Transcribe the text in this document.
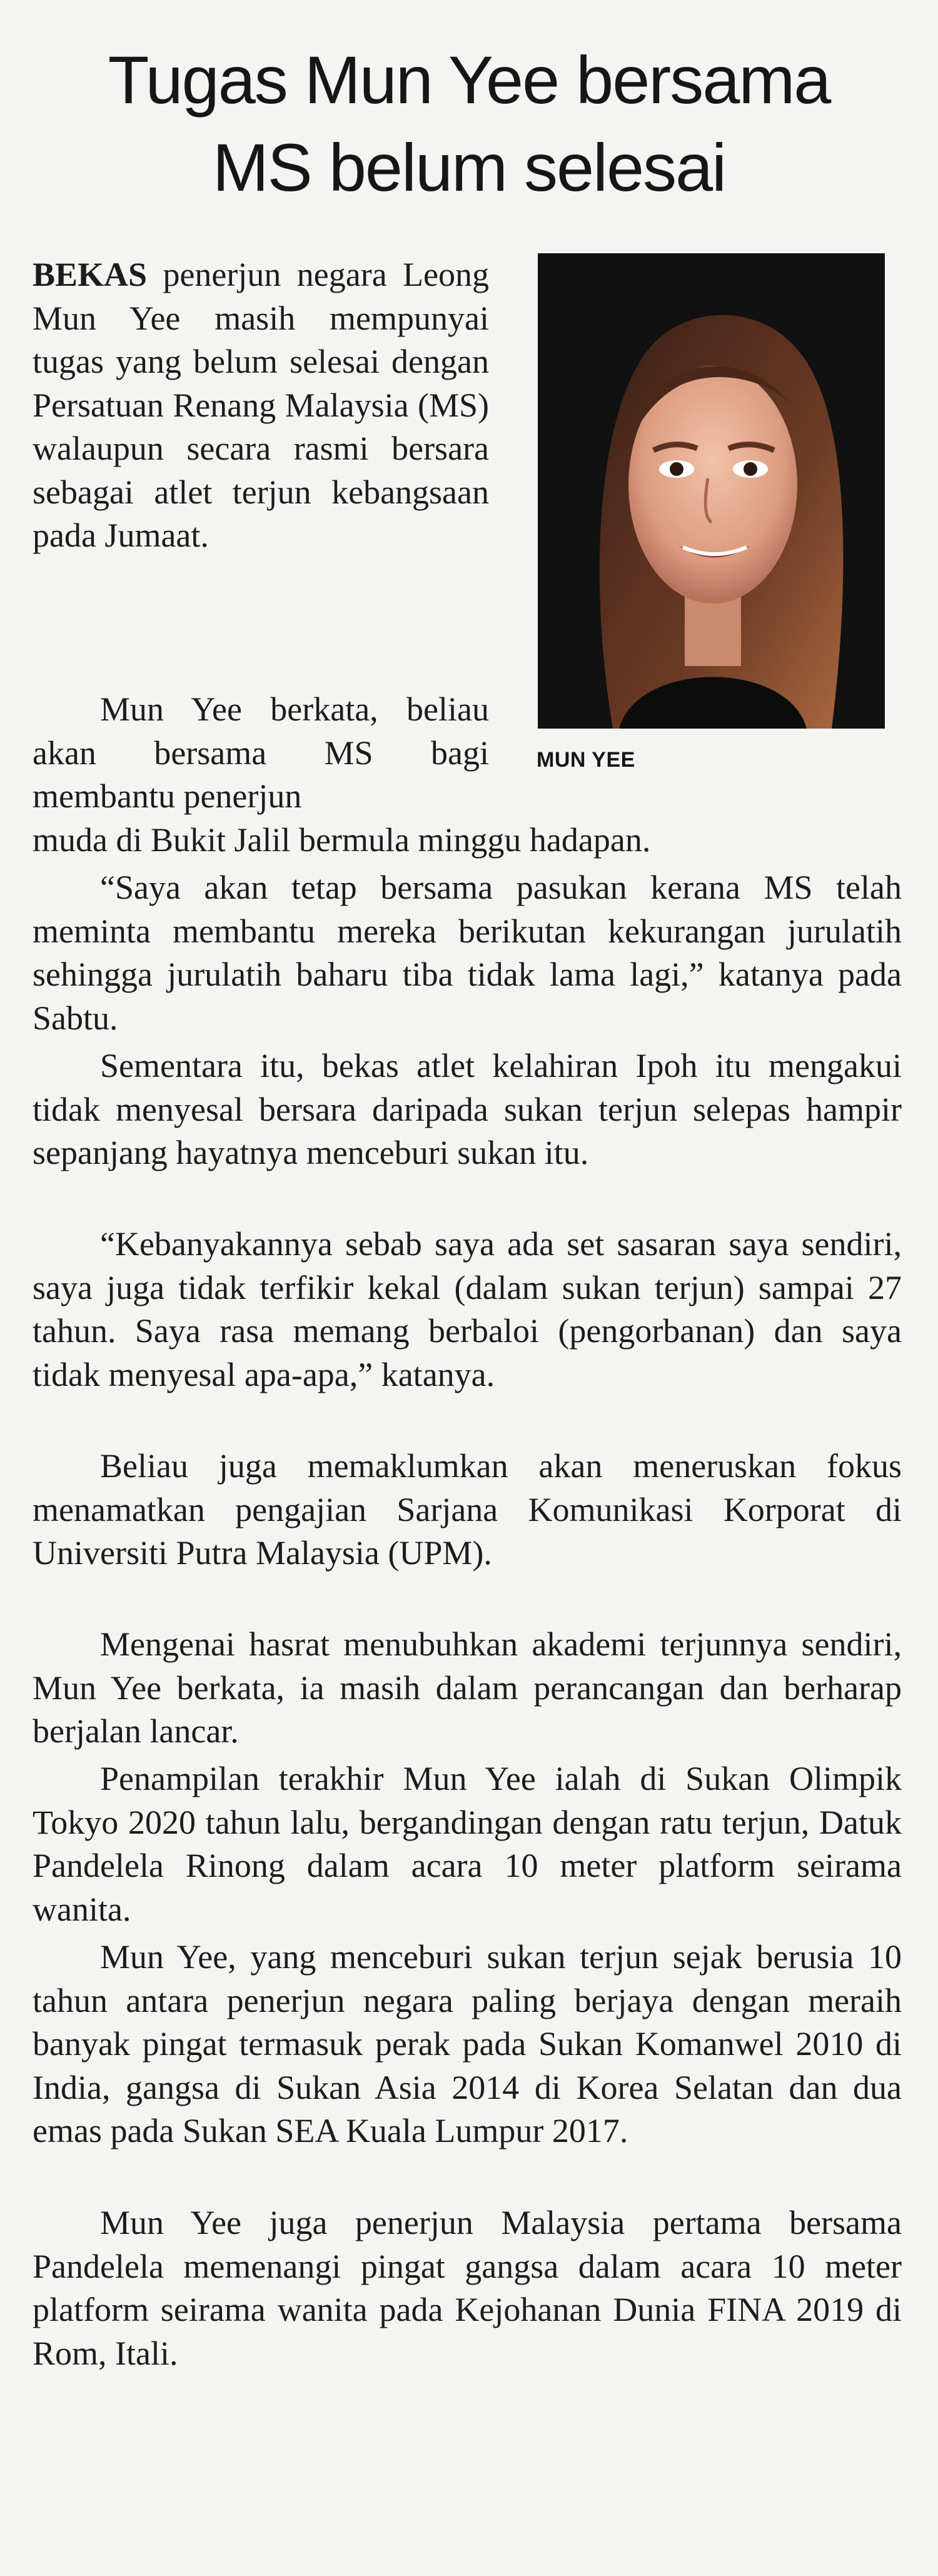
Tugas Mun Yee bersama
MS belum selesai
MUN YEE

BEKAS penerjun negara Leong Mun Yee masih mempunyai tugas yang belum selesai dengan Persatuan Renang Malaysia (MS) walaupun secara rasmi bersara sebagai atlet terjun kebangsaan pada Jumaat.

Mun Yee berkata, beliau akan bersama MS bagi membantu penerjun

muda di Bukit Jalil bermula minggu hadapan.

“Saya akan tetap bersama pasukan kerana MS telah meminta membantu mereka berikutan kekurangan jurulatih sehingga jurulatih baharu tiba tidak lama lagi,” katanya pada Sabtu.

Sementara itu, bekas atlet kelahiran Ipoh itu mengakui tidak menyesal bersara daripada sukan terjun selepas hampir sepanjang hayatnya menceburi sukan itu.

“Kebanyakannya sebab saya ada set sasaran saya sendiri, saya juga tidak terfikir kekal (dalam sukan terjun) sampai 27 tahun. Saya rasa memang berbaloi (pengorbanan) dan saya tidak menyesal apa-apa,” katanya.

Beliau juga memaklumkan akan meneruskan fokus menamatkan pengajian Sarjana Komunikasi Korporat di Universiti Putra Malaysia (UPM).

Mengenai hasrat menubuhkan akademi terjunnya sendiri, Mun Yee berkata, ia masih dalam perancangan dan berharap berjalan lancar.

Penampilan terakhir Mun Yee ialah di Sukan Olimpik Tokyo 2020 tahun lalu, bergandingan dengan ratu terjun, Datuk Pandelela Rinong dalam acara 10 meter platform seirama wanita.

Mun Yee, yang menceburi sukan terjun sejak berusia 10 tahun antara penerjun negara paling berjaya dengan meraih banyak pingat termasuk perak pada Sukan Komanwel 2010 di India, gangsa di Sukan Asia 2014 di Korea Selatan dan dua emas pada Sukan SEA Kuala Lumpur 2017.

Mun Yee juga penerjun Malaysia pertama bersama Pandelela memenangi pingat gangsa dalam acara 10 meter platform seirama wanita pada Kejohanan Dunia FINA 2019 di Rom, Itali.
